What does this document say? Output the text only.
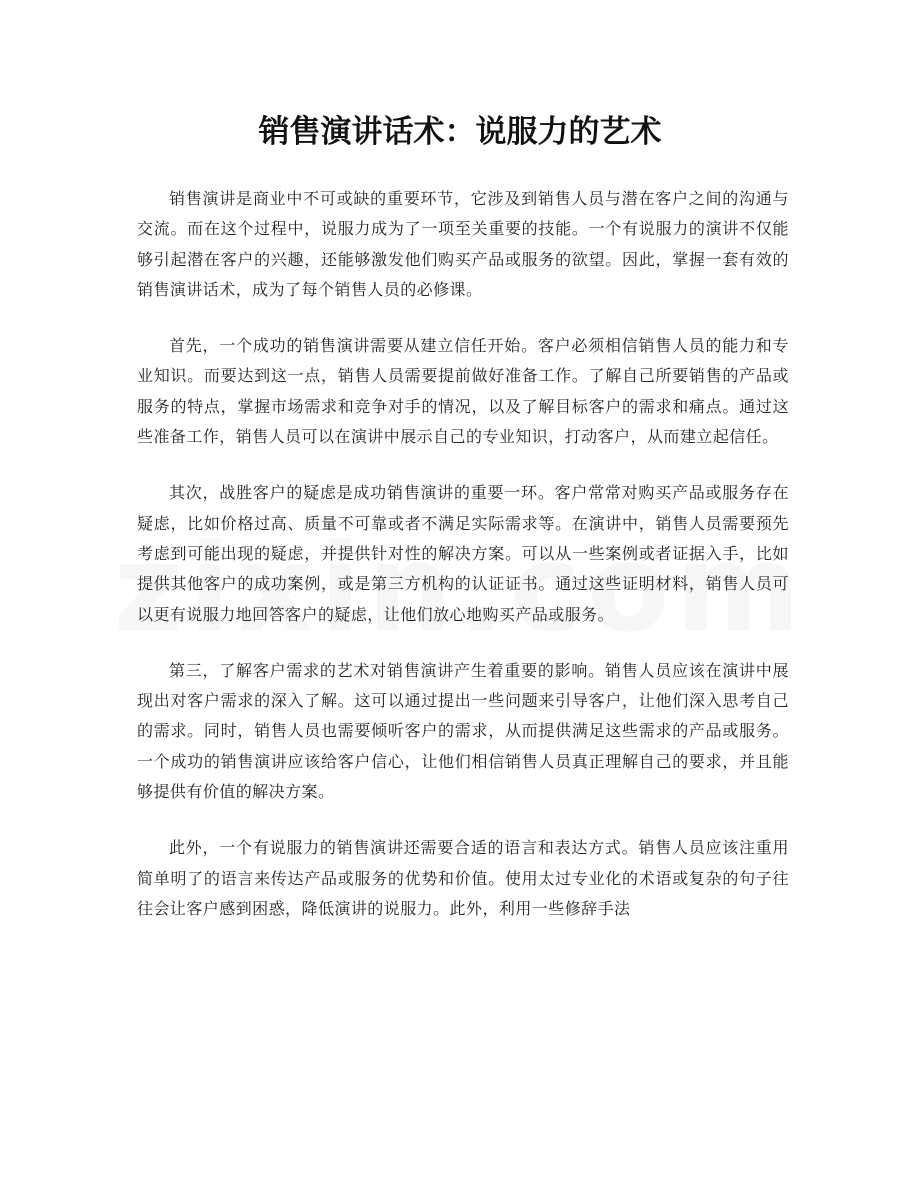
销售演讲话术：说服力的艺术

销售演讲是商业中不可或缺的重要环节，它涉及到销售人员与潜在客户之间的沟通与交流。而在这个过程中，说服力成为了一项至关重要的技能。一个有说服力的演讲不仅能够引起潜在客户的兴趣，还能够激发他们购买产品或服务的欲望。因此，掌握一套有效的销售演讲话术，成为了每个销售人员的必修课。

首先，一个成功的销售演讲需要从建立信任开始。客户必须相信销售人员的能力和专业知识。而要达到这一点，销售人员需要提前做好准备工作。了解自己所要销售的产品或服务的特点，掌握市场需求和竞争对手的情况，以及了解目标客户的需求和痛点。通过这些准备工作，销售人员可以在演讲中展示自己的专业知识，打动客户，从而建立起信任。

其次，战胜客户的疑虑是成功销售演讲的重要一环。客户常常对购买产品或服务存在疑虑，比如价格过高、质量不可靠或者不满足实际需求等。在演讲中，销售人员需要预先考虑到可能出现的疑虑，并提供针对性的解决方案。可以从一些案例或者证据入手，比如提供其他客户的成功案例，或是第三方机构的认证证书。通过这些证明材料，销售人员可以更有说服力地回答客户的疑虑，让他们放心地购买产品或服务。

第三，了解客户需求的艺术对销售演讲产生着重要的影响。销售人员应该在演讲中展现出对客户需求的深入了解。这可以通过提出一些问题来引导客户，让他们深入思考自己的需求。同时，销售人员也需要倾听客户的需求，从而提供满足这些需求的产品或服务。一个成功的销售演讲应该给客户信心，让他们相信销售人员真正理解自己的要求，并且能够提供有价值的解决方案。

此外，一个有说服力的销售演讲还需要合适的语言和表达方式。销售人员应该注重用简单明了的语言来传达产品或服务的优势和价值。使用太过专业化的术语或复杂的句子往往会让客户感到困惑，降低演讲的说服力。此外，利用一些修辞手法
